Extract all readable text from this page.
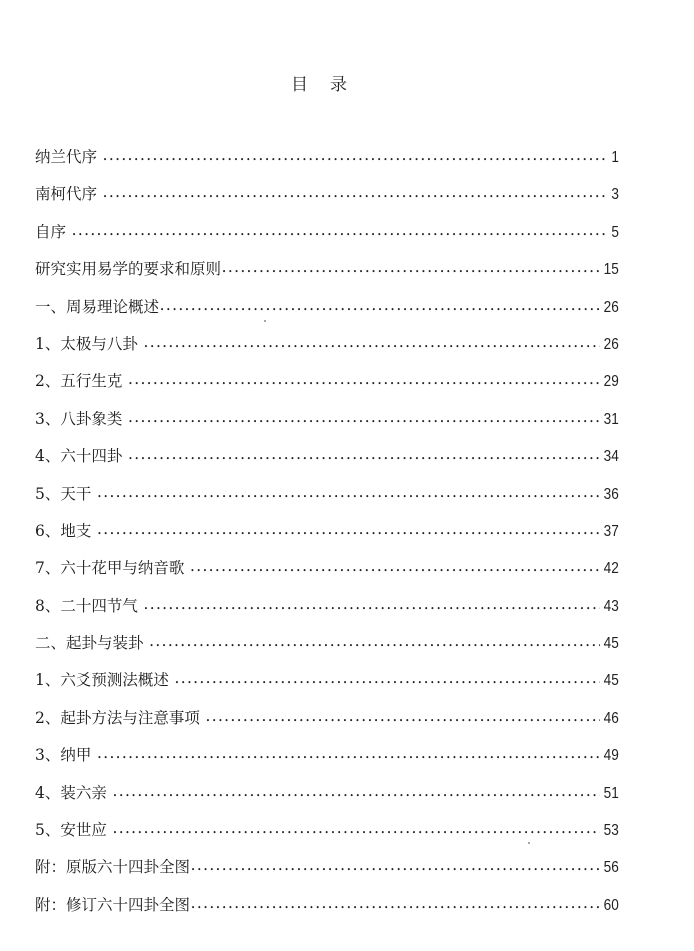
目录
纳兰代序 •••••	1
南柯代序 •••••	3
自序 •••••	5
研究实用易学的要求和原则 •••••	15
一、周易理论概述 •••••	26
1、太极与八卦 •••••	26
2、五行生克 •••••	29
3、八卦象类 •••••	31
4、六十四卦 •••••	34
5、天干 •••••	36
6、地支 •••••	37
7、六十花甲与纳音歌 •••••	42
8、二十四节气 •••••	43
二、起卦与装卦 •••••	45
1、六爻预测法概述 •••••	45
2、起卦方法与注意事项 •••••	46
3、纳甲 •••••	49
4、装六亲 •••••	51
5、安世应 •••••	53
附：原版六十四卦全图 •••••	56
附：修订六十四卦全图 •••••	60
